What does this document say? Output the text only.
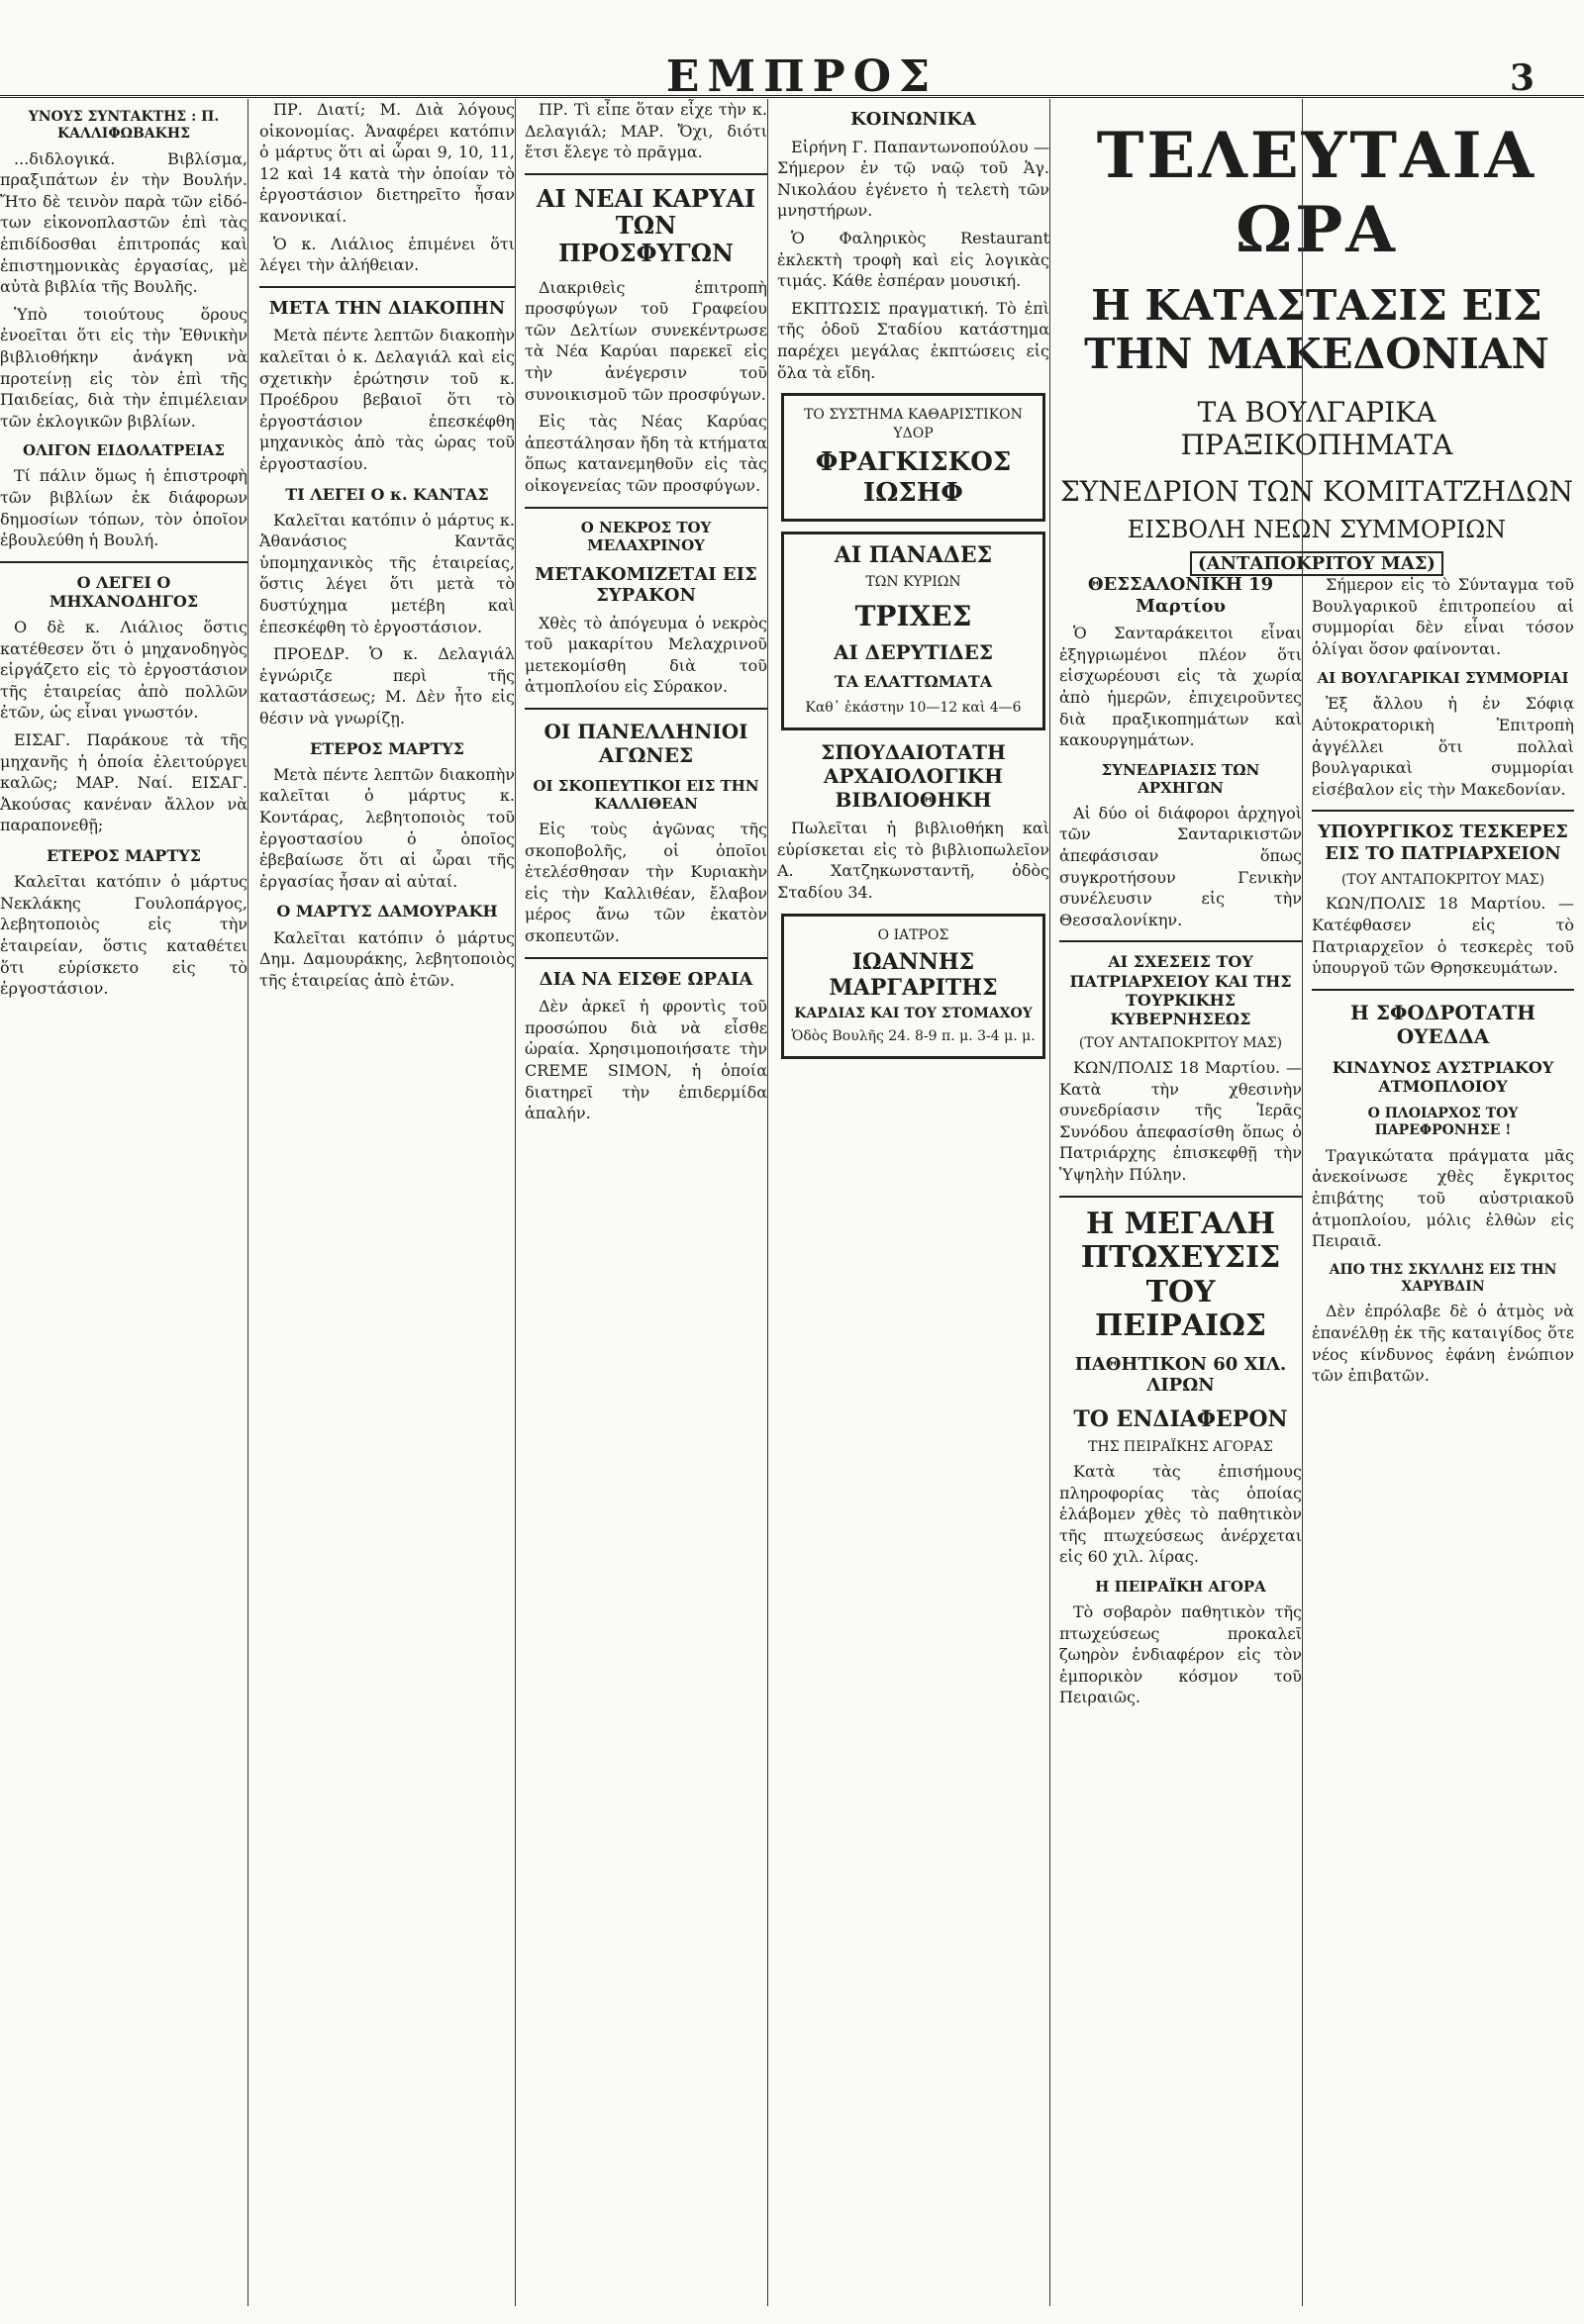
ΕΜΠΡΟΣ	3
ΥΝΟΥΣ ΣΥΝΤΑΚΤΗΣ : Π. ΚΑΛΛΙΦΩΒΑΚΗΣ

...διδλογικά. Βιβλίσμα, πραξιπάτων ἐν τὴν Βουλήν. Ἤτο δὲ τεινὸν παρὰ τῶν εἰδό- των εἰκονοπλαστῶν ἐπὶ τὰς ἐπιδίδοσθαι ἐπιτροπάς καὶ ἐπιστημονικὰς ἐργασίας, μὲ αὐτὰ βιβλία τῆς Βουλῆς.

Ὑπὸ τοιούτους ὅρους ἐνοεῖται ὅτι εἰς τὴν Ἐθνικὴν βιβλιοθήκην ἀνάγκη νὰ προτείνῃ εἰς τὸν ἐπὶ τῆς Παιδείας, διὰ τὴν ἐπιμέλειαν τῶν ἐκλογικῶν βιβλίων.

ΟΛΙΓΟΝ ΕΙΔΟΛΑΤΡΕΙΑΣ

Τί πάλιν ὅμως ἡ ἐπιστροφὴ τῶν βιβλίων ἐκ διάφορων δημοσίων τόπων, τὸν ὁποῖον ἐβουλεύθη ἡ Βουλή.

Ο ΛΕΓΕΙ Ο ΜΗΧΑΝΟΔΗΓΟΣ

Ο δὲ κ. Λιάλιος ὅστις κατέθεσεν ὅτι ὁ μηχανοδηγὸς εἰργάζετο εἰς τὸ ἐργοστάσιον τῆς ἑταιρείας ἀπὸ πολλῶν ἐτῶν, ὡς εἶναι γνωστόν.

ΕΙΣΑΓ. Παράκουε τὰ τῆς μηχανῆς ἡ ὁποία ἐλειτούργει καλῶς; ΜΑΡ. Ναί. ΕΙΣΑΓ. Ἀκούσας κανέναν ἄλλον νὰ παραπονεθῇ;

ΕΤΕΡΟΣ ΜΑΡΤΥΣ

Καλεῖται κατόπιν ὁ μάρτυς Νεκλάκης Γουλοπάργος, λεβητοποιὸς εἰς τὴν ἑταιρείαν, ὅστις καταθέτει ὅτι εὑρίσκετο εἰς τὸ ἐργοστάσιον.

ΠΡ. Διατί; Μ. Διὰ λόγους οἰκονομίας. Ἀναφέρει κατόπιν ὁ μάρτυς ὅτι αἱ ὧραι 9, 10, 11, 12 καὶ 14 κατὰ τὴν ὁποίαν τὸ ἐργοστάσιον διετηρεῖτο ἦσαν κανονικαί.

Ὁ κ. Λιάλιος ἐπιμένει ὅτι λέγει τὴν ἀλήθειαν.

ΜΕΤΑ ΤΗΝ ΔΙΑΚΟΠΗΝ

Μετὰ πέντε λεπτῶν διακοπὴν καλεῖται ὁ κ. Δελαγιάλ καὶ εἰς σχετικὴν ἐρώτησιν τοῦ κ. Προέδρου βεβαιοῖ ὅτι τὸ ἐργοστάσιον ἐπεσκέφθη μηχανικὸς ἀπὸ τὰς ὡρας τοῦ ἐργοστασίου.

ΤΙ ΛΕΓΕΙ Ο κ. ΚΑΝΤΑΣ

Καλεῖται κατόπιν ὁ μάρτυς κ. Ἀθανάσιος Καντᾶς ὑπομηχανικὸς τῆς ἑταιρείας, ὅστις λέγει ὅτι μετὰ τὸ δυστύχημα μετέβη καὶ ἐπεσκέφθη τὸ ἐργοστάσιον.

ΠΡΟΕΔΡ. Ὁ κ. Δελαγιάλ ἐγνώριζε περὶ τῆς καταστάσεως; Μ. Δὲν ἦτο εἰς θέσιν νὰ γνωρίζῃ.

ΕΤΕΡΟΣ ΜΑΡΤΥΣ

Μετὰ πέντε λεπτῶν διακοπὴν καλεῖται ὁ μάρτυς κ. Κοντάρας, λεβητοποιὸς τοῦ ἐργοστασίου ὁ ὁποῖος ἐβεβαίωσε ὅτι αἱ ὧραι τῆς ἐργασίας ἦσαν αἱ αὐταί.

Ο ΜΑΡΤΥΣ ΔΑΜΟΥΡΑΚΗ

Καλεῖται κατόπιν ὁ μάρτυς Δημ. Δαμουράκης, λεβητοποιὸς τῆς ἑταιρείας ἀπὸ ἐτῶν.

ΠΡ. Τὶ εἶπε ὅταν εἶχε τὴν κ. Δελαγιάλ; ΜΑΡ. Ὄχι, διότι ἔτσι ἔλεγε τὸ πρᾶγμα.

ΑΙ ΝΕΑΙ ΚΑΡΥΑΙ ΤΩΝ ΠΡΟΣΦΥΓΩΝ

Διακριθεὶς ἐπιτροπὴ προσφύγων τοῦ Γραφείου τῶν Δελτίων συνεκέντρωσε τὰ Νέα Καρύαι παρεκεῖ εἰς τὴν ἀνέγερσιν τοῦ συνοικισμοῦ τῶν προσφύγων.

Εἰς τὰς Νέας Καρύας ἀπεστάλησαν ἤδη τὰ κτήματα ὅπως κατανεμηθοῦν εἰς τὰς οἰκογενείας τῶν προσφύγων.

Ο ΝΕΚΡΟΣ ΤΟΥ ΜΕΛΑΧΡΙΝΟΥ
ΜΕΤΑΚΟΜΙΖΕΤΑΙ ΕΙΣ ΣΥΡΑΚΟΝ

Χθὲς τὸ ἀπόγευμα ὁ νεκρὸς τοῦ μακαρίτου Μελαχρινοῦ μετεκομίσθη διὰ τοῦ ἀτμοπλοίου εἰς Σύρακον.

ΟΙ ΠΑΝΕΛΛΗΝΙΟΙ ΑΓΩΝΕΣ
ΟΙ ΣΚΟΠΕΥΤΙΚΟΙ ΕΙΣ ΤΗΝ ΚΑΛΛΙΘΕΑΝ

Εἰς τοὺς ἀγῶνας τῆς σκοποβολῆς, οἱ ὁποῖοι ἐτελέσθησαν τὴν Κυριακὴν εἰς τὴν Καλλιθέαν, ἔλαβον μέρος ἄνω τῶν ἑκατὸν σκοπευτῶν.

ΔΙΑ ΝΑ ΕΙΣΘΕ ΩΡΑΙΑ

Δὲν ἀρκεῖ ἡ φροντὶς τοῦ προσώπου διὰ νὰ εἶσθε ὡραία. Χρησιμοποιήσατε τὴν CREME SIMON, ἡ ὁποία διατηρεῖ τὴν ἐπιδερμίδα ἁπαλήν.

ΚΟΙΝΩΝΙΚΑ

Εἰρήνη Γ. Παπαντωνοπούλου — Σήμερον ἐν τῷ ναῷ τοῦ Ἁγ. Νικολάου ἐγένετο ἡ τελετὴ τῶν μνηστήρων.

Ὁ Φαληρικὸς Restaurant ἐκλεκτὴ τροφὴ καὶ εἰς λογικὰς τιμάς. Κάθε ἑσπέραν μουσική.

ΕΚΠΤΩΣΙΣ πραγματική. Τὸ ἐπὶ τῆς ὁδοῦ Σταδίου κατάστημα παρέχει μεγάλας ἐκπτώσεις εἰς ὅλα τὰ εἴδη.

ΤΟ ΣΥΣΤΗΜΑ ΚΑΘΑΡΙΣΤΙΚΟΝ ΥΔΟΡ
ΦΡΑΓΚΙΣΚΟΣ ΙΩΣΗΦ
ΑΙ ΠΑΝΑΔΕΣ
ΤΩΝ ΚΥΡΙΩΝ
ΤΡΙΧΕΣ
ΑΙ ΔΕΡΥΤΙΔΕΣ
ΤΑ ΕΛΑΤΤΩΜΑΤΑ
Καθ᾽ ἑκάστην 10—12 καὶ 4—6
ΣΠΟΥΔΑΙΟΤΑΤΗ ΑΡΧΑΙΟΛΟΓΙΚΗ ΒΙΒΛΙΟΘΗΚΗ

Πωλεῖται ἡ βιβλιοθήκη καὶ εὑρίσκεται εἰς τὸ βιβλιοπωλεῖον Α. Χατζηκωνσταντῆ, ὁδὸς Σταδίου 34.

Ο ΙΑΤΡΟΣ
ΙΩΑΝΝΗΣ ΜΑΡΓΑΡΙΤΗΣ
ΚΑΡΔΙΑΣ ΚΑΙ ΤΟΥ ΣΤΟΜΑΧΟΥ
Ὁδὸς Βουλῆς 24. 8-9 π. μ. 3-4 μ. μ.
ΤΕΛΕΥΤΑΙΑ ΩΡΑ
Η ΚΑΤΑΣΤΑΣΙΣ ΕΙΣ ΤΗΝ ΜΑΚΕΔΟΝΙΑΝ
ΤΑ ΒΟΥΛΓΑΡΙΚΑ ΠΡΑΞΙΚΟΠΗΜΑΤΑ
ΣΥΝΕΔΡΙΟΝ ΤΩΝ ΚΟΜΙΤΑΤΖΗΔΩΝ
ΕΙΣΒΟΛΗ ΝΕΩΝ ΣΥΜΜΟΡΙΩΝ
(ΑΝΤΑΠΟΚΡΙΤΟΥ ΜΑΣ)
ΘΕΣΣΑΛΟΝΙΚΗ 19 Μαρτίου

Ὁ Σανταράκειτοι εἶναι ἐξηγριωμένοι πλέον ὅτι εἰσχωρέουσι εἰς τὰ χωρία ἀπὸ ἡμερῶν, ἐπιχειροῦντες διὰ πραξικοπημάτων καὶ κακουργημάτων.

ΣΥΝΕΔΡΙΑΣΙΣ ΤΩΝ ΑΡΧΗΓΩΝ

Αἱ δύο οἱ διάφοροι ἀρχηγοὶ τῶν Σανταρικιστῶν ἀπεφάσισαν ὅπως συγκροτήσουν Γενικὴν συνέλευσιν εἰς τὴν Θεσσαλονίκην.

ΑΙ ΣΧΕΣΕΙΣ ΤΟΥ ΠΑΤΡΙΑΡΧΕΙΟΥ ΚΑΙ ΤΗΣ ΤΟΥΡΚΙΚΗΣ ΚΥΒΕΡΝΗΣΕΩΣ
(ΤΟΥ ΑΝΤΑΠΟΚΡΙΤΟΥ ΜΑΣ)

ΚΩΝ/ΠΟΛΙΣ 18 Μαρτίου. — Κατὰ τὴν χθεσινὴν συνεδρίασιν τῆς Ἱερᾶς Συνόδου ἀπεφασίσθη ὅπως ὁ Πατριάρχης ἐπισκεφθῇ τὴν Ὑψηλὴν Πύλην.

Η ΜΕΓΑΛΗ ΠΤΩΧΕΥΣΙΣ ΤΟΥ ΠΕΙΡΑΙΩΣ
ΠΑΘΗΤΙΚΟΝ 60 ΧΙΛ. ΛΙΡΩΝ
ΤΟ ΕΝΔΙΑΦΕΡΟΝ
ΤΗΣ ΠΕΙΡΑΪΚΗΣ ΑΓΟΡΑΣ

Κατὰ τὰς ἐπισήμους πληροφορίας τὰς ὁποίας ἐλάβομεν χθὲς τὸ παθητικὸν τῆς πτωχεύσεως ἀνέρχεται εἰς 60 χιλ. λίρας.

Η ΠΕΙΡΑΪΚΗ ΑΓΟΡΑ

Τὸ σοβαρὸν παθητικὸν τῆς πτωχεύσεως προκαλεῖ ζωηρὸν ἐνδιαφέρον εἰς τὸν ἐμπορικὸν κόσμον τοῦ Πειραιῶς.

Σήμερον εἰς τὸ Σύνταγμα τοῦ Βουλγαρικοῦ ἐπιτροπείου αἱ συμμορίαι δὲν εἶναι τόσον ὀλίγαι ὅσον φαίνονται.

ΑΙ ΒΟΥΛΓΑΡΙΚΑΙ ΣΥΜΜΟΡΙΑΙ

Ἐξ ἄλλου ἡ ἐν Σόφιᾳ Αὐτοκρατορικὴ Ἐπιτροπὴ ἀγγέλλει ὅτι πολλαὶ βουλγαρικαὶ συμμορίαι εἰσέβαλον εἰς τὴν Μακεδονίαν.

ΥΠΟΥΡΓΙΚΟΣ ΤΕΣΚΕΡΕΣ ΕΙΣ ΤΟ ΠΑΤΡΙΑΡΧΕΙΟΝ
(ΤΟΥ ΑΝΤΑΠΟΚΡΙΤΟΥ ΜΑΣ)

ΚΩΝ/ΠΟΛΙΣ 18 Μαρτίου. — Κατέφθασεν εἰς τὸ Πατριαρχεῖον ὁ τεσκερὲς τοῦ ὑπουργοῦ τῶν Θρησκευμάτων.

Η ΣΦΟΔΡΟΤΑΤΗ ΟΥΕΔΔΑ
ΚΙΝΔΥΝΟΣ ΑΥΣΤΡΙΑΚΟΥ ΑΤΜΟΠΛΟΙΟΥ
Ο ΠΛΟΙΑΡΧΟΣ ΤΟΥ ΠΑΡΕΦΡΟΝΗΣΕ !

Τραγικώτατα πράγματα μᾶς ἀνεκοίνωσε χθὲς ἔγκριτος ἐπιβάτης τοῦ αὐστριακοῦ ἀτμοπλοίου, μόλις ἐλθὼν εἰς Πειραιᾶ.

ΑΠΟ ΤΗΣ ΣΚΥΛΛΗΣ ΕΙΣ ΤΗΝ ΧΑΡΥΒΔΙΝ

Δὲν ἐπρόλαβε δὲ ὁ ἀτμὸς νὰ ἐπανέλθῃ ἐκ τῆς καταιγίδος ὅτε νέος κίνδυνος ἐφάνη ἐνώπιον τῶν ἐπιβατῶν.
